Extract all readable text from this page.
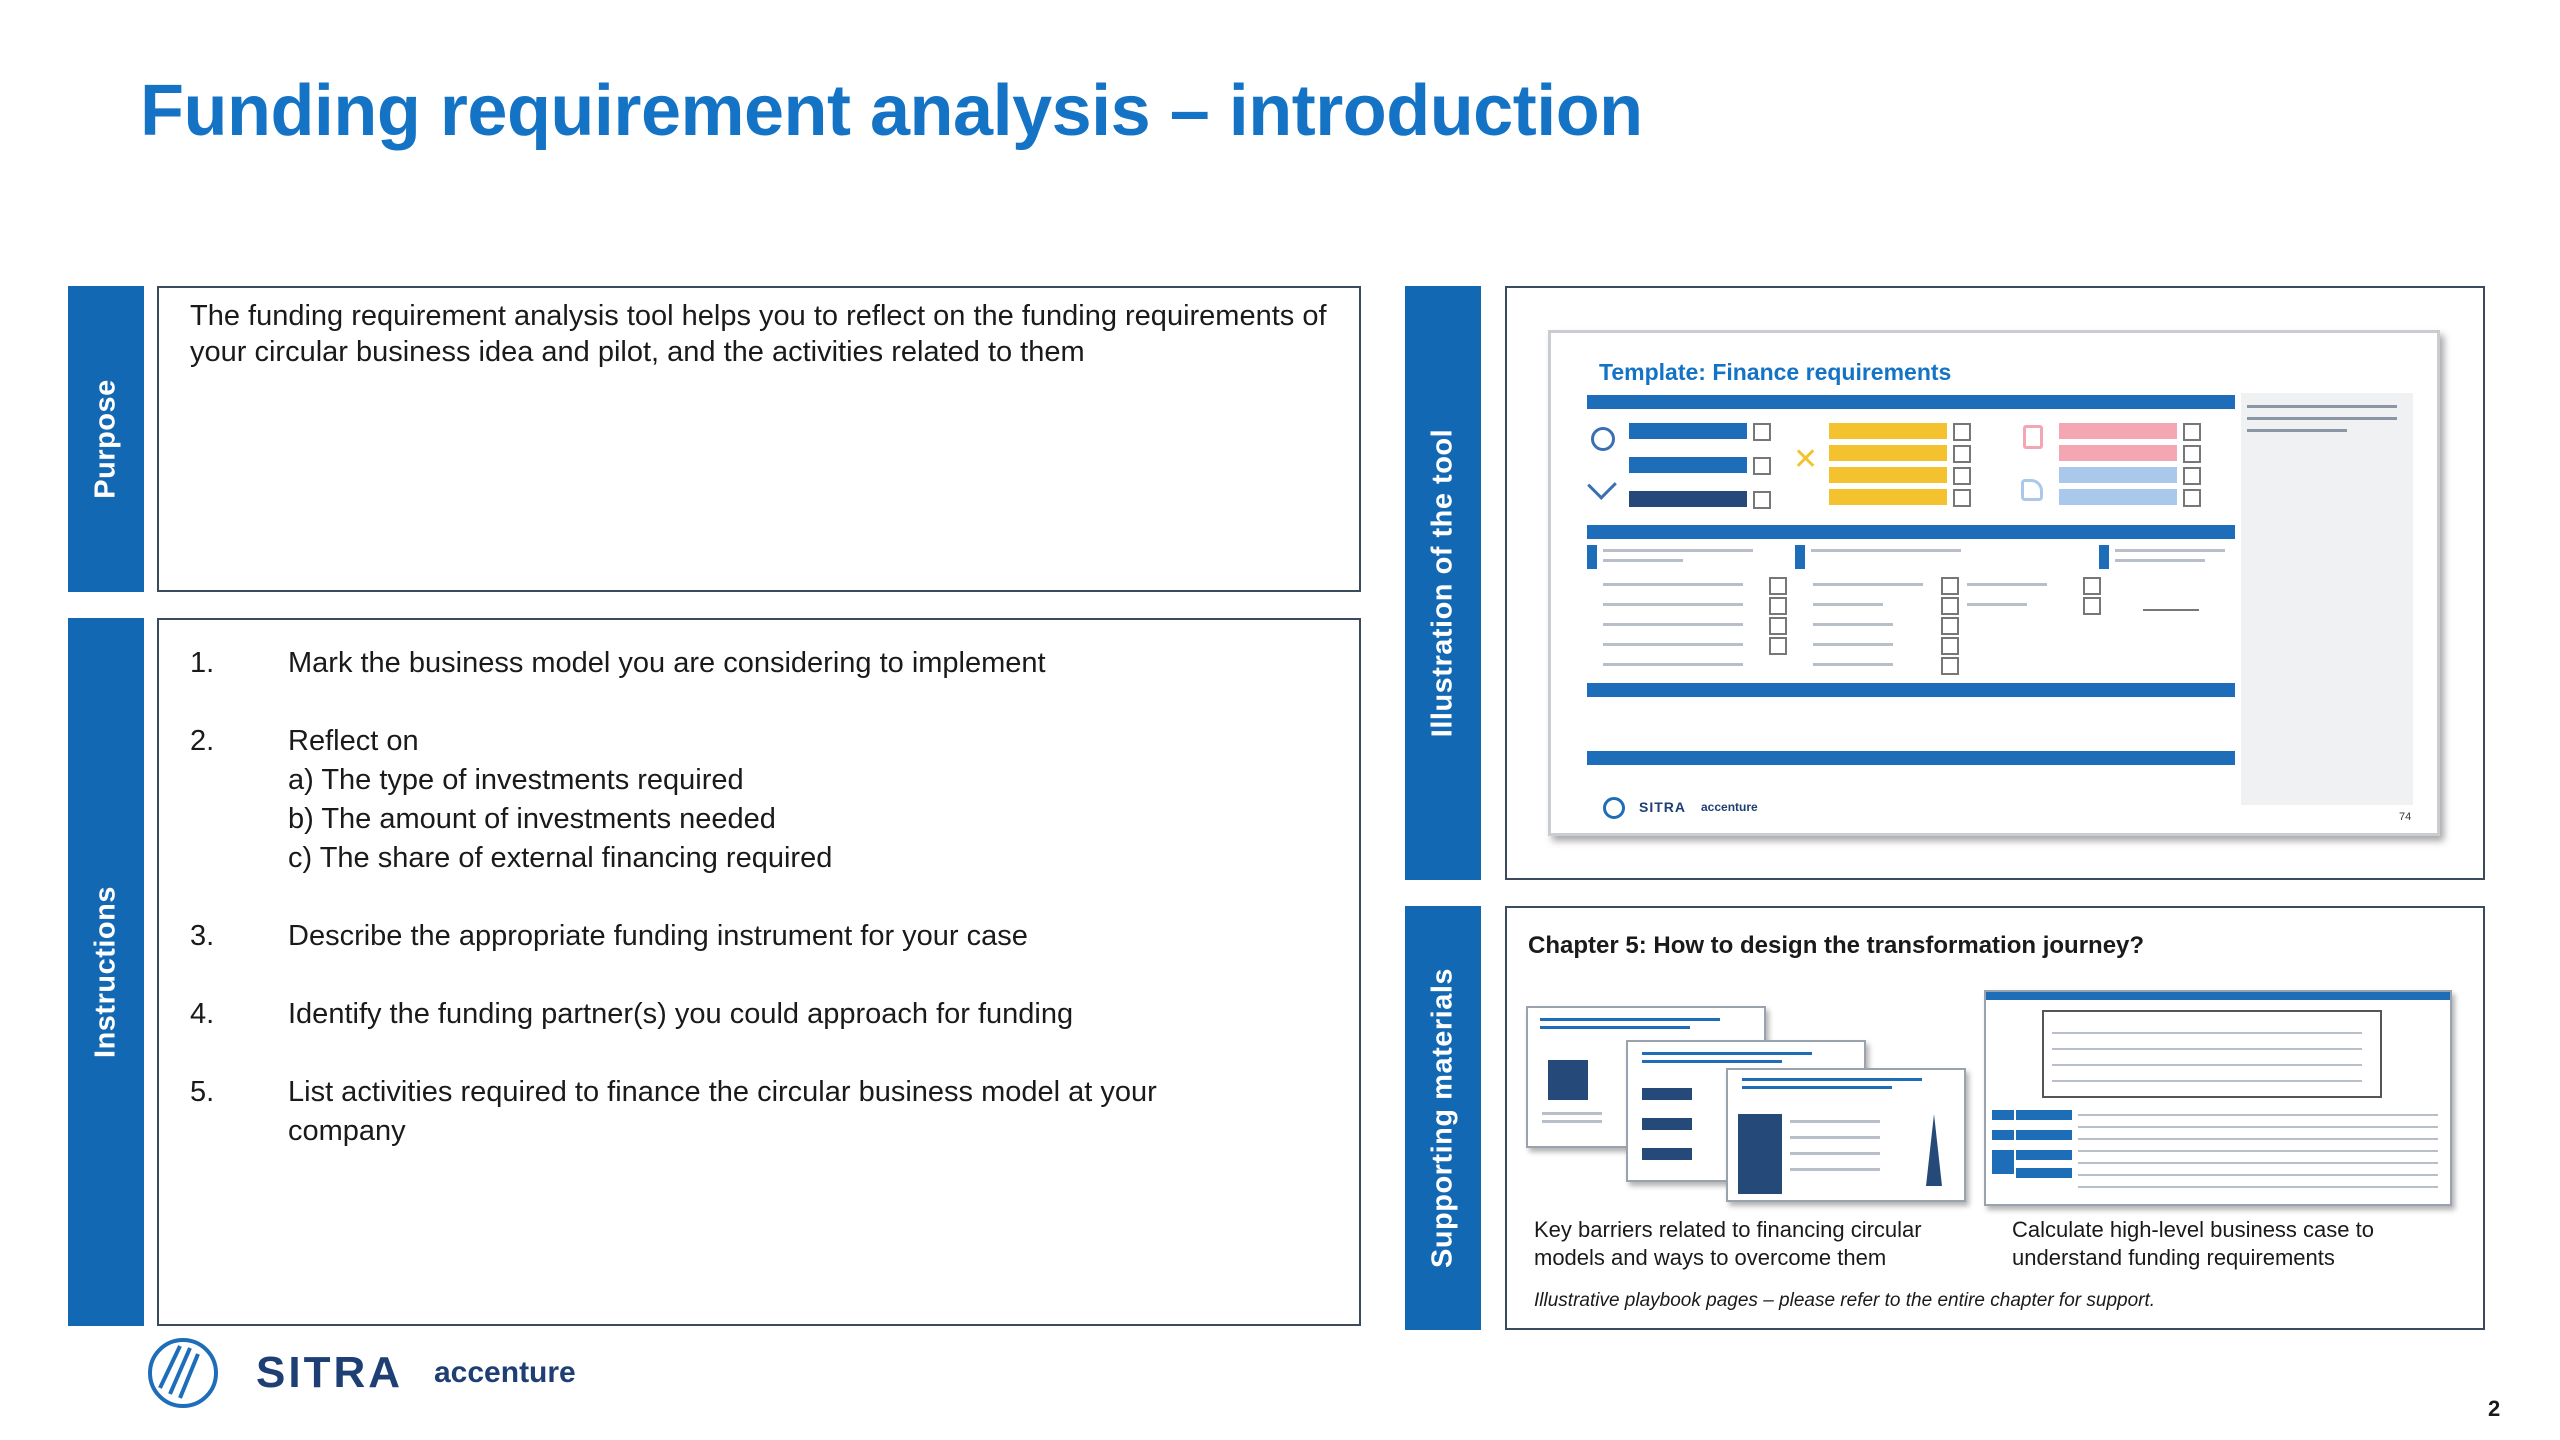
Funding requirement analysis – introduction
Purpose
The funding requirement analysis tool helps you to reflect on the funding requirements of your circular business idea and pilot, and the activities related to them
Instructions
1.	Mark the business model you are considering to implement
2.	Reflect on
a) The type of investments required
b) The amount of investments needed
c) The share of external financing required
3.	Describe the appropriate funding instrument for your case
4.	Identify the funding partner(s) you could approach for funding
5.	List activities required to finance the circular business model at your company
Illustration of the tool
Template: Finance requirements
✕
SITRA accenture
74
Supporting materials
Chapter 5: How to design the transformation journey?
Key barriers related to financing circular models and ways to overcome them
Calculate high-level business case to understand funding requirements
Illustrative playbook pages – please refer to the entire chapter for support.
SITRA accenture
2
